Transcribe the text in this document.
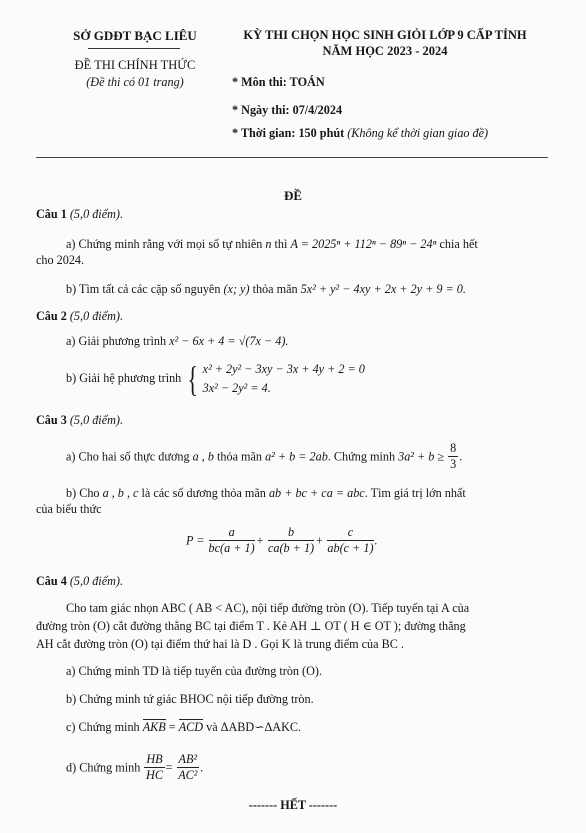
SỞ GDĐT BẠC LIÊU
ĐỀ THI CHÍNH THỨC
(Đề thi có 01 trang)
KỲ THI CHỌN HỌC SINH GIỎI LỚP 9 CẤP TỈNH
NĂM HỌC 2023 - 2024
* Môn thi: TOÁN
* Ngày thi: 07/4/2024
* Thời gian: 150 phút (Không kể thời gian giao đề)
ĐỀ
Câu 1 (5,0 điểm).
a) Chứng minh rằng với mọi số tự nhiên n thì A = 2025ⁿ + 112ⁿ − 89ⁿ − 24ⁿ chia hết
cho 2024.
b) Tìm tất cả các cặp số nguyên (x; y) thỏa mãn 5x² + y² − 4xy + 2x + 2y + 9 = 0.
Câu 2 (5,0 điểm).
a) Giải phương trình x² − 6x + 4 = √(7x − 4).
b) Giải hệ phương trình { x² + 2y² − 3xy − 3x + 4y + 2 = 0
3x² − 2y² = 4.
Câu 3 (5,0 điểm).
a) Cho hai số thực dương a , b thỏa mãn a² + b = 2ab. Chứng minh $3a^2 + b \ge \frac{8}{3}$ .
b) Cho a , b , c là các số dương thỏa mãn ab + bc + ca = abc. Tìm giá trị lớn nhất
của biểu thức
$P = \frac{a}{bc(a + 1)} + \frac{b}{ca(b + 1)} + \frac{c}{ab(c + 1)}$ .
Câu 4 (5,0 điểm).
Cho tam giác nhọn ABC ( AB < AC), nội tiếp đường tròn (O). Tiếp tuyến tại A của
đường tròn (O) cắt đường thẳng BC tại điểm T . Kẻ AH ⊥ OT ( H ∈ OT ); đường thẳng
AH cắt đường tròn (O) tại điểm thứ hai là D . Gọi K là trung điểm của BC .
a) Chứng minh TD là tiếp tuyến của đường tròn (O).
b) Chứng minh tứ giác BHOC nội tiếp đường tròn.
c) Chứng minh AKB = ACD và ΔABD∽ΔAKC.
d) Chứng minh $\frac{HB}{HC} = \frac{\text{AB²}}{\text{AC²}}$ .
------- HẾT -------
